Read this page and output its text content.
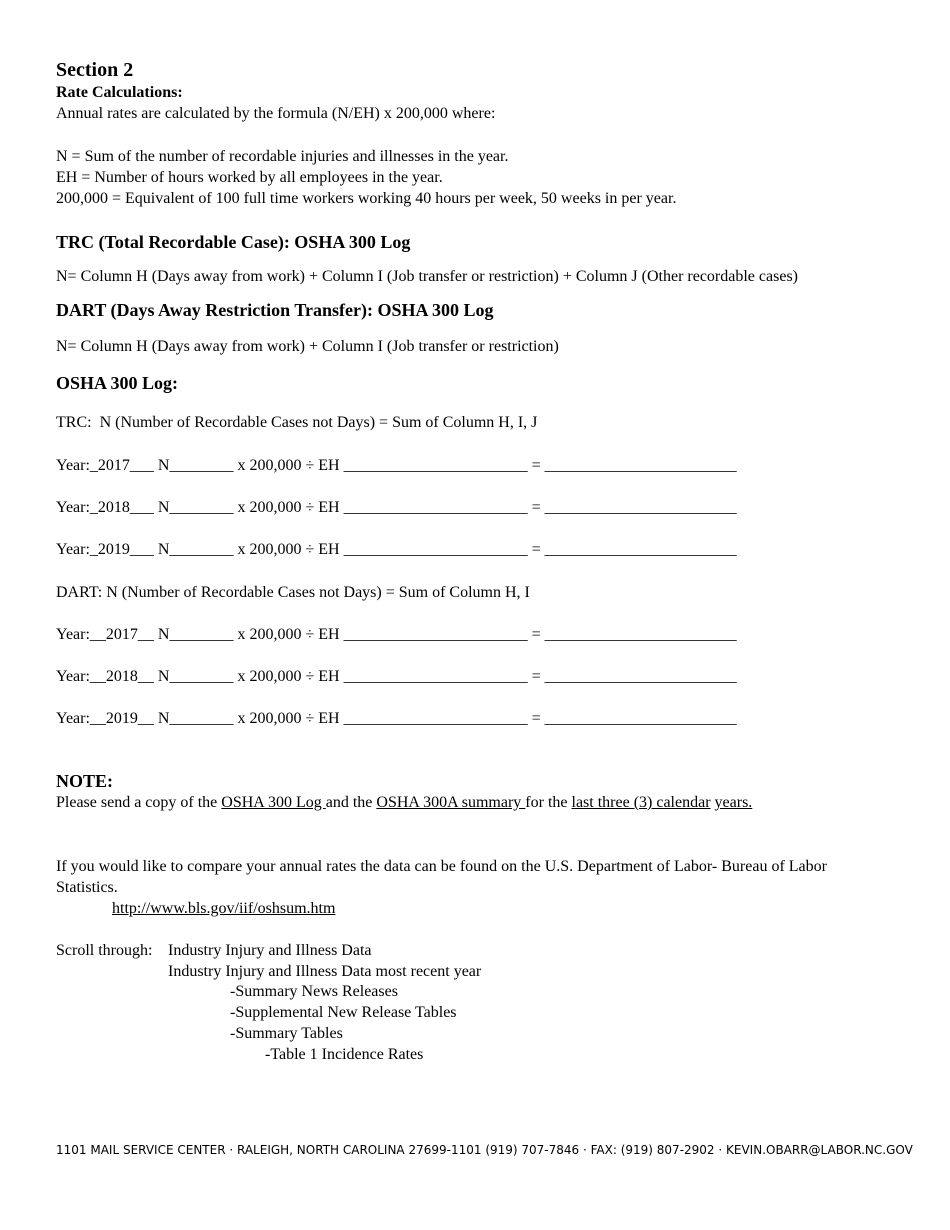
Section 2
Rate Calculations:
Annual rates are calculated by the formula (N/EH) x 200,000 where:
N = Sum of the number of recordable injuries and illnesses in the year.
EH = Number of hours worked by all employees in the year.
200,000 = Equivalent of 100 full time workers working 40 hours per week, 50 weeks in per year.
TRC (Total Recordable Case): OSHA 300 Log
N= Column H (Days away from work) + Column I (Job transfer or restriction) + Column J (Other recordable cases)
DART (Days Away Restriction Transfer): OSHA 300 Log
N= Column H (Days away from work) + Column I (Job transfer or restriction)
OSHA 300 Log:
TRC:  N (Number of Recordable Cases not Days) = Sum of Column H, I, J
Year:_2017___ N________ x 200,000 ÷ EH _______________________ = ________________________
Year:_2018___ N________ x 200,000 ÷ EH _______________________ = ________________________
Year:_2019___ N________ x 200,000 ÷ EH _______________________ = ________________________
DART: N (Number of Recordable Cases not Days) = Sum of Column H, I
Year:__2017__ N________ x 200,000 ÷ EH _______________________ = ________________________
Year:__2018__ N________ x 200,000 ÷ EH _______________________ = ________________________
Year:__2019__ N________ x 200,000 ÷ EH _______________________ = ________________________
NOTE:
Please send a copy of the OSHA 300 Log and the OSHA 300A summary for the last three (3) calendar years.
If you would like to compare your annual rates the data can be found on the U.S. Department of Labor- Bureau of Labor
Statistics.
http://www.bls.gov/iif/oshsum.htm
Scroll through: Industry Injury and Illness Data
Industry Injury and Illness Data most recent year
-Summary News Releases
-Supplemental New Release Tables
-Summary Tables
-Table 1 Incidence Rates
1101 MAIL SERVICE CENTER · RALEIGH, NORTH CAROLINA 27699-1101 (919) 707-7846 · FAX: (919) 807-2902 · KEVIN.OBARR@LABOR.NC.GOV
